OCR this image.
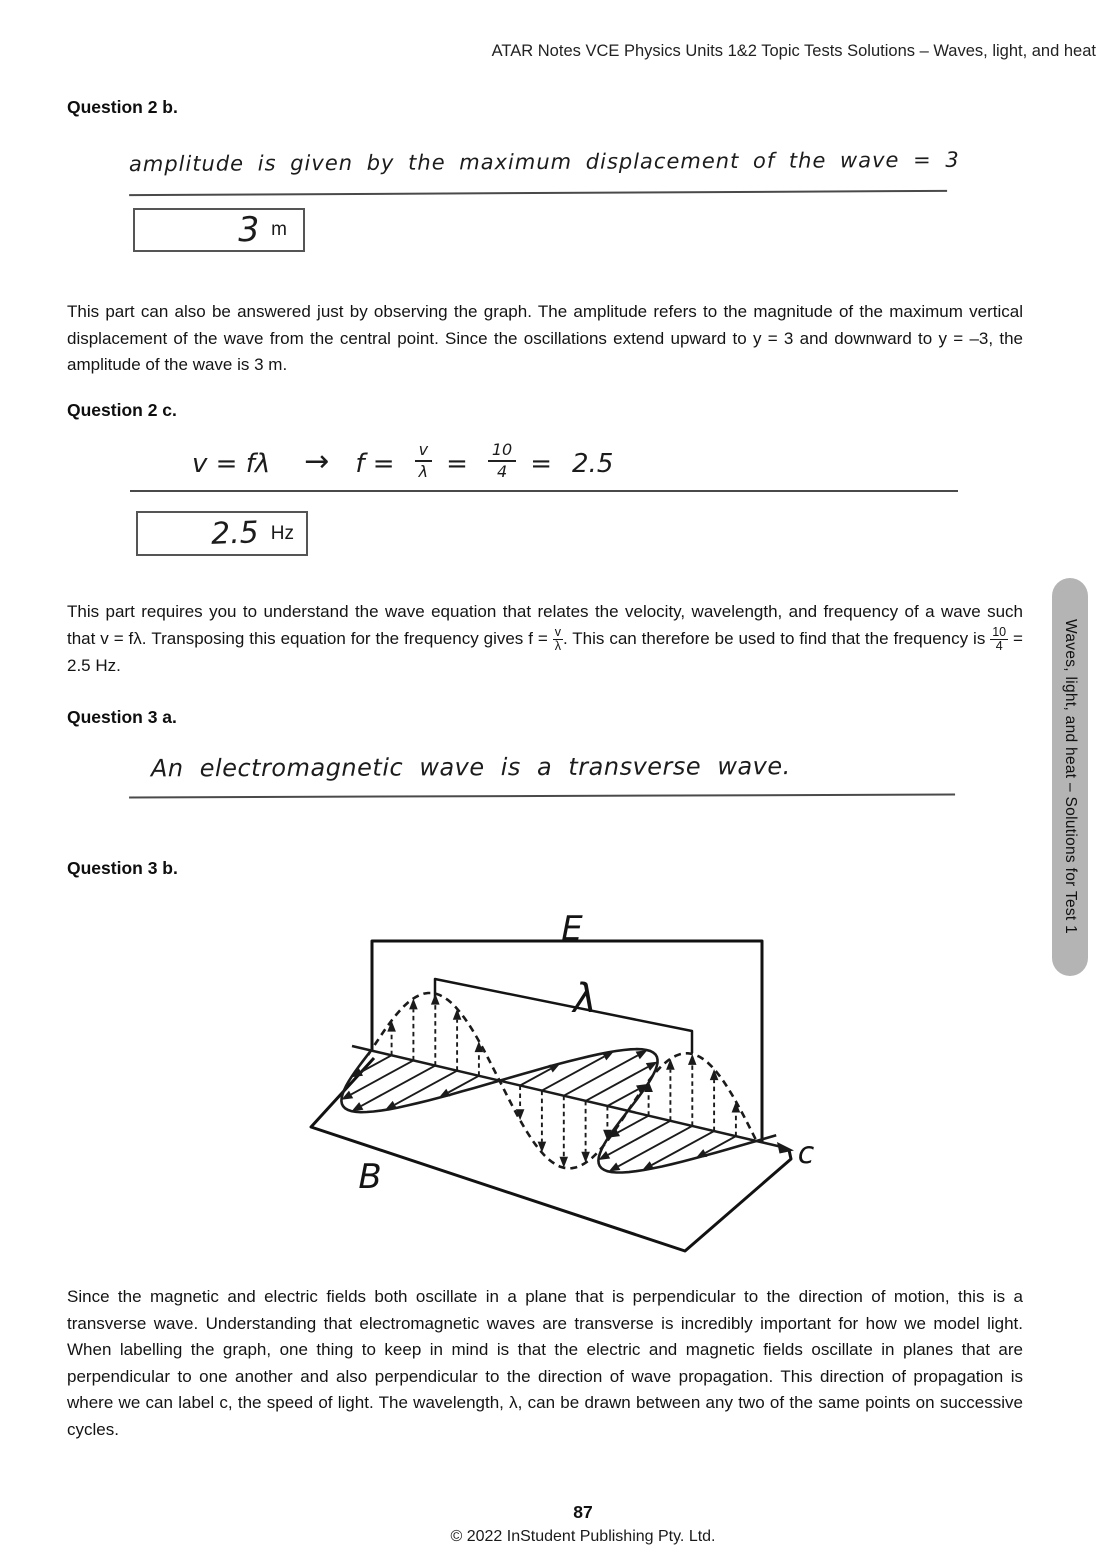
ATAR Notes VCE Physics Units 1&2 Topic Tests Solutions – Waves, light, and heat
Question 2 b.
amplitude is given by the maximum displacement of the wave = 3
3 m
This part can also be answered just by observing the graph. The amplitude refers to the magnitude of the maximum vertical displacement of the wave from the central point. Since the oscillations extend upward to y = 3 and downward to y = –3, the amplitude of the wave is 3 m.
Question 2 c.
$v = f\lambda \to f = \frac{v}{\lambda} = \frac{10}{4} = 2.5$
2.5 Hz
This part requires you to understand the wave equation that relates the velocity, wavelength, and frequency of a wave such that v = fλ. Transposing this equation for the frequency gives $f = \frac{v}{\lambda}$ . This can therefore be used to find that the frequency is $\frac{10}{4} = 2.5$ Hz.
Question 3 a.
An electromagnetic wave is a transverse wave.
Question 3 b.
E
λ
B
c
Since the magnetic and electric fields both oscillate in a plane that is perpendicular to the direction of motion, this is a transverse wave. Understanding that electromagnetic waves are transverse is incredibly important for how we model light. When labelling the graph, one thing to keep in mind is that the electric and magnetic fields oscillate in planes that are perpendicular to one another and also perpendicular to the direction of wave propagation. This direction of propagation is where we can label c, the speed of light. The wavelength, λ, can be drawn between any two of the same points on successive cycles.
87
© 2022 InStudent Publishing Pty. Ltd.
Waves, light, and heat – Solutions for Test 1
